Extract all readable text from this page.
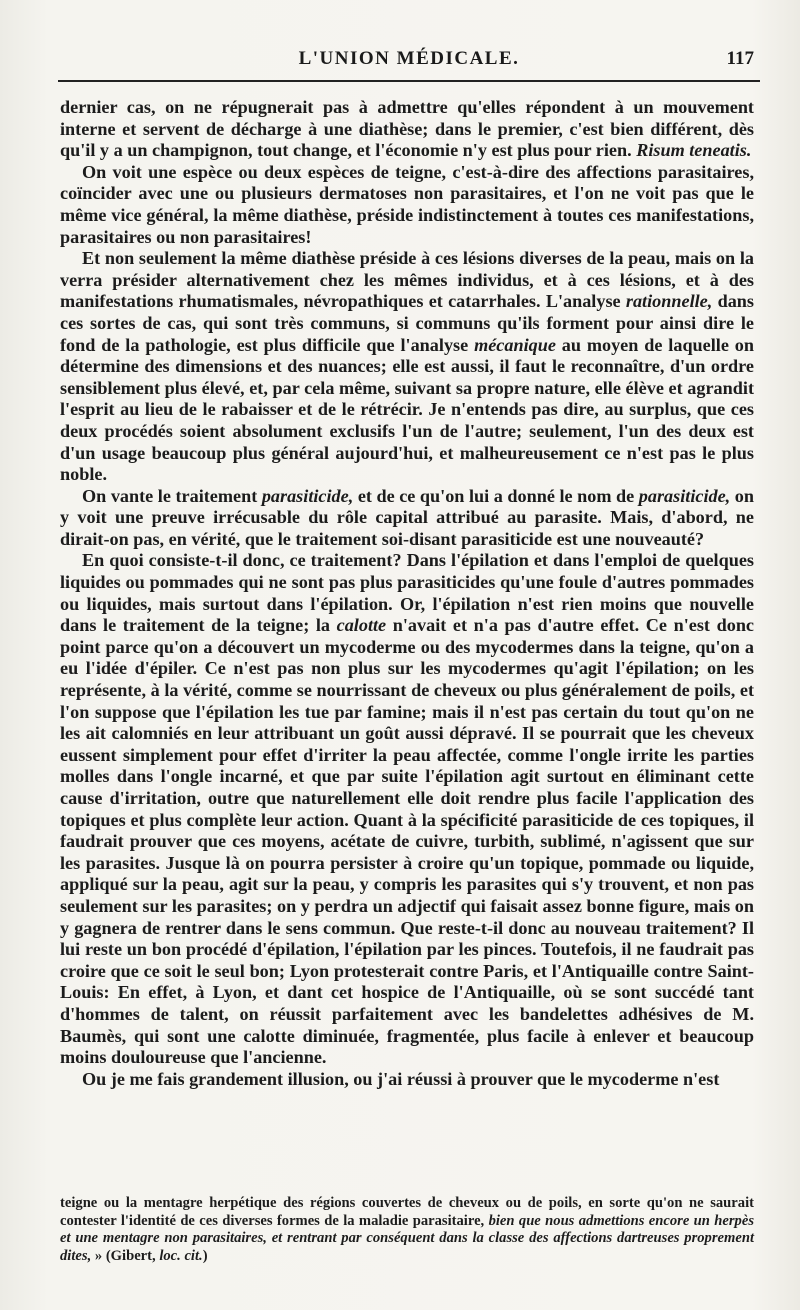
L'UNION MÉDICALE.	117

dernier cas, on ne répugnerait pas à admettre qu'elles répondent à un mouvement interne et servent de décharge à une diathèse; dans le premier, c'est bien différent, dès qu'il y a un champignon, tout change, et l'économie n'y est plus pour rien. Risum teneatis.

On voit une espèce ou deux espèces de teigne, c'est-à-dire des affections parasitaires, coïncider avec une ou plusieurs dermatoses non parasitaires, et l'on ne voit pas que le même vice général, la même diathèse, préside indistinctement à toutes ces manifestations, parasitaires ou non parasitaires!

Et non seulement la même diathèse préside à ces lésions diverses de la peau, mais on la verra présider alternativement chez les mêmes individus, et à ces lésions, et à des manifestations rhumatismales, névropathiques et catarrhales. L'analyse rationnelle, dans ces sortes de cas, qui sont très communs, si communs qu'ils forment pour ainsi dire le fond de la pathologie, est plus difficile que l'analyse mécanique au moyen de laquelle on détermine des dimensions et des nuances; elle est aussi, il faut le reconnaître, d'un ordre sensiblement plus élevé, et, par cela même, suivant sa propre nature, elle élève et agrandit l'esprit au lieu de le rabaisser et de le rétrécir. Je n'entends pas dire, au surplus, que ces deux procédés soient absolument exclusifs l'un de l'autre; seulement, l'un des deux est d'un usage beaucoup plus général aujourd'hui, et malheureusement ce n'est pas le plus noble.

On vante le traitement parasiticide, et de ce qu'on lui a donné le nom de parasiticide, on y voit une preuve irrécusable du rôle capital attribué au parasite. Mais, d'abord, ne dirait-on pas, en vérité, que le traitement soi-disant parasiticide est une nouveauté?

En quoi consiste-t-il donc, ce traitement? Dans l'épilation et dans l'emploi de quelques liquides ou pommades qui ne sont pas plus parasiticides qu'une foule d'autres pommades ou liquides, mais surtout dans l'épilation. Or, l'épilation n'est rien moins que nouvelle dans le traitement de la teigne; la calotte n'avait et n'a pas d'autre effet. Ce n'est donc point parce qu'on a découvert un mycoderme ou des mycodermes dans la teigne, qu'on a eu l'idée d'épiler. Ce n'est pas non plus sur les mycodermes qu'agit l'épilation; on les représente, à la vérité, comme se nourrissant de cheveux ou plus généralement de poils, et l'on suppose que l'épilation les tue par famine; mais il n'est pas certain du tout qu'on ne les ait calomniés en leur attribuant un goût aussi dépravé. Il se pourrait que les cheveux eussent simplement pour effet d'irriter la peau affectée, comme l'ongle irrite les parties molles dans l'ongle incarné, et que par suite l'épilation agit surtout en éliminant cette cause d'irritation, outre que naturellement elle doit rendre plus facile l'application des topiques et plus complète leur action. Quant à la spécificité parasiticide de ces topiques, il faudrait prouver que ces moyens, acétate de cuivre, turbith, sublimé, n'agissent que sur les parasites. Jusque là on pourra persister à croire qu'un topique, pommade ou liquide, appliqué sur la peau, agit sur la peau, y compris les parasites qui s'y trouvent, et non pas seulement sur les parasites; on y perdra un adjectif qui faisait assez bonne figure, mais on y gagnera de rentrer dans le sens commun. Que reste-t-il donc au nouveau traitement? Il lui reste un bon procédé d'épilation, l'épilation par les pinces. Toutefois, il ne faudrait pas croire que ce soit le seul bon; Lyon protesterait contre Paris, et l'Antiquaille contre Saint-Louis: En effet, à Lyon, et dant cet hospice de l'Antiquaille, où se sont succédé tant d'hommes de talent, on réussit parfaitement avec les bandelettes adhésives de M. Baumès, qui sont une calotte diminuée, fragmentée, plus facile à enlever et beaucoup moins douloureuse que l'ancienne.

Ou je me fais grandement illusion, ou j'ai réussi à prouver que le mycoderme n'est

teigne ou la mentagre herpétique des régions couvertes de cheveux ou de poils, en sorte qu'on ne saurait contester l'identité de ces diverses formes de la maladie parasitaire, bien que nous admettions encore un herpès et une mentagre non parasitaires, et rentrant par conséquent dans la classe des affections dartreuses proprement dites, » (Gibert, loc. cit.)
